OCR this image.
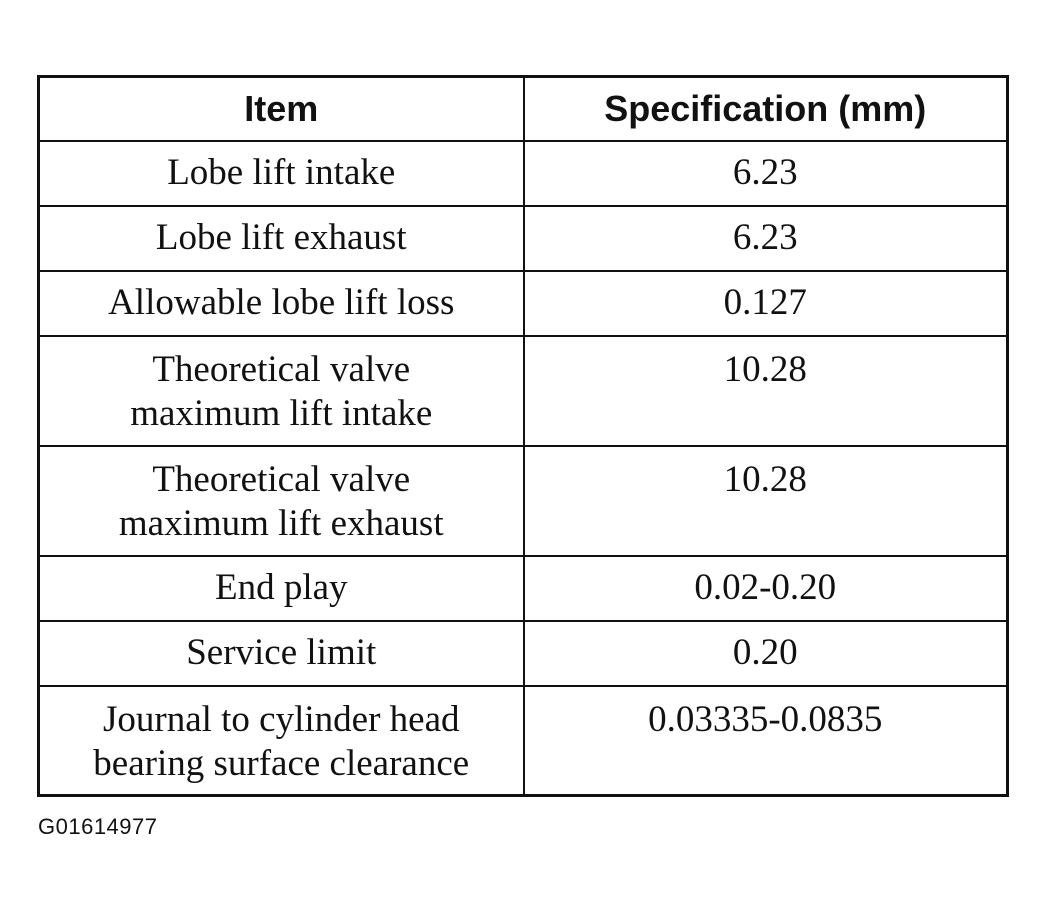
Item	Specification (mm)
Lobe lift intake	6.23
Lobe lift exhaust	6.23
Allowable lobe lift loss	0.127
Theoretical valve
maximum lift intake	10.28
Theoretical valve
maximum lift exhaust	10.28
End play	0.02-0.20
Service limit	0.20
Journal to cylinder head
bearing surface clearance	0.03335-0.0835
G01614977
